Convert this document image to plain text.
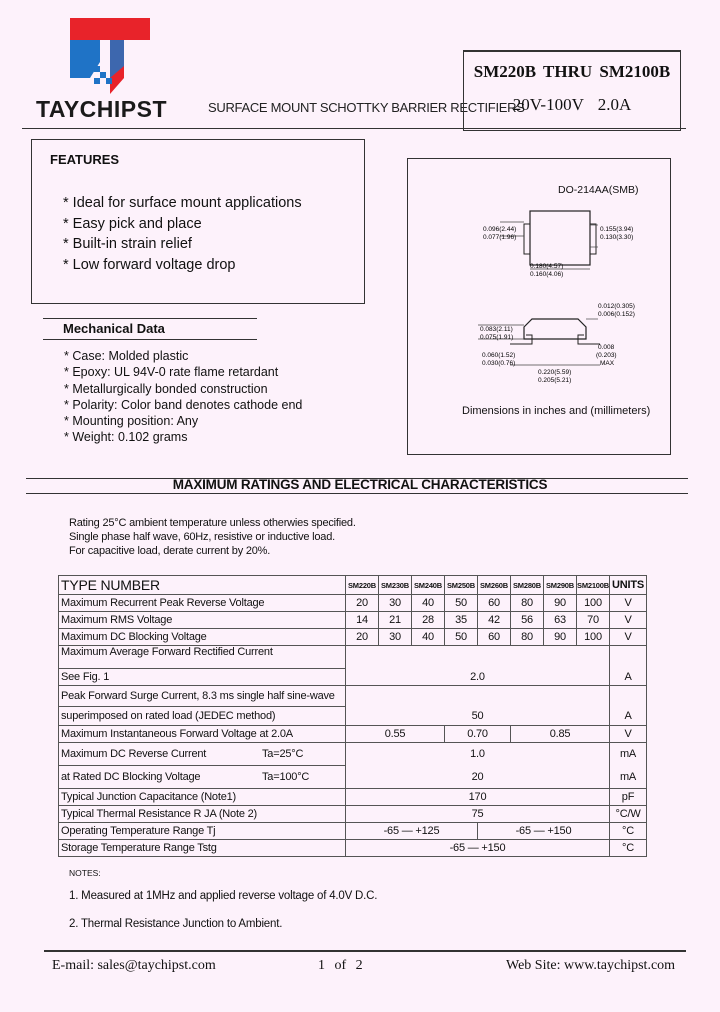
TAYCHIPST	SURFACE MOUNT SCHOTTKY BARRIER RECTIFIERS
SM220B THRU SM2100B
20V-100V 2.0A
FEATURES
* Ideal for surface mount applications
* Easy pick and place
* Built-in strain relief
* Low forward voltage drop
DO-214AA(SMB)
0.096(2.44)
0.077(1.96)
0.155(3.94)
0.130(3.30)
0.180(4.57)
0.160(4.06)
0.012(0.305)
0.006(0.152)
0.083(2.11)
0.075(1.91)
0.060(1.52)
0.030(0.76)
0.008
(0.203)
MAX
0.220(5.59)
0.205(5.21)
Dimensions in inches and (millimeters)
Mechanical Data
* Case: Molded plastic
* Epoxy: UL 94V-0 rate flame retardant
* Metallurgically bonded construction
* Polarity: Color band denotes cathode end
* Mounting position: Any
* Weight: 0.102 grams
MAXIMUM RATINGS AND ELECTRICAL CHARACTERISTICS
Rating 25°C ambient temperature unless otherwies specified.
Single phase half wave, 60Hz, resistive or inductive load.
For capacitive load, derate current by 20%.
TYPE NUMBER	SM220B	SM230B	SM240B	SM250B	SM260B	SM280B	SM290B	SM2100B	UNITS
Maximum Recurrent Peak Reverse Voltage	20	30	40	50	60	80	90	100	V
Maximum RMS Voltage	14	21	28	35	42	56	63	70	V
Maximum DC Blocking Voltage	20	30	40	50	60	80	90	100	V

Maximum Average Forward Rectified Current									

See Fig. 1	2.0								A
Peak Forward Surge Current, 8.3 ms single half sine-wave									
superimposed on rated load (JEDEC method)	50								A
Maximum Instantaneous Forward Voltage at 2.0A	0.55			0.70		0.85			V
Maximum DC Reverse Current Ta=25°C	1.0								mA
at Rated DC Blocking Voltage Ta=100°C	20								mA
Typical Junction Capacitance (Note1)	170								pF
Typical Thermal Resistance R JA (Note 2)	75								°C/W
Operating Temperature Range Tj	-65 — +125				-65 — +150				°C
Storage Temperature Range Tstg	-65 — +150								°C
NOTES:
1. Measured at 1MHz and applied reverse voltage of 4.0V D.C.
2. Thermal Resistance Junction to Ambient.
E-mail: sales@taychipst.com	1 of 2	Web Site: www.taychipst.com
